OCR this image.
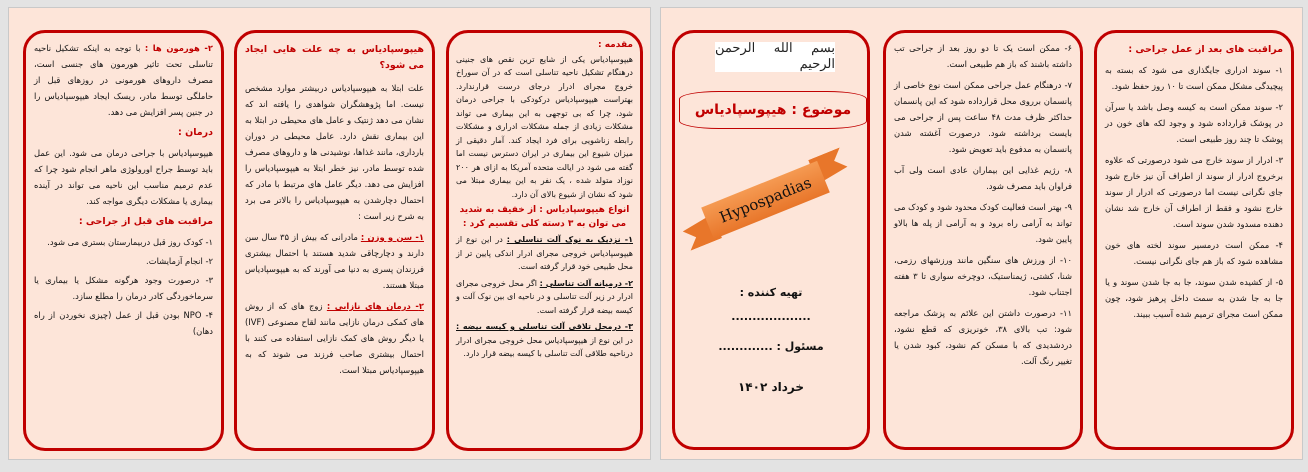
۲- هورمون ها : با توجه به اینکه تشکیل ناحیه تناسلی تحت تاثیر هورمون های جنسی است، مصرف داروهای هورمونی در روزهای قبل از حاملگی توسط مادر، ریسک ایجاد هیپوسپادیاس را در جنین پسر افزایش می دهد.

درمان :

هیپوسپادیاس با جراحی درمان می شود. این عمل باید توسط جراح اورولوژی ماهر انجام شود چرا که عدم ترمیم مناسب این ناحیه می تواند در آینده بیماری یا مشکلات دیگری مواجه کند.

مراقبت های قبل از جراحی :

۱- کودک روز قبل دربیمارستان بستری می شود.

۲- انجام آزمایشات.

۳- درصورت وجود هرگونه مشکل یا بیماری یا سرماخوردگی کادر درمان را مطلع سازد.

۴- NPO بودن قبل از عمل (چیزی نخوردن از راه دهان)

هیپوسپادیاس به چه علت هایی ایجاد می شود؟

علت ابتلا به هیپوسپادیاس دربیشتر موارد مشخص نیست. اما پژوهشگران شواهدی را یافته اند که نشان می دهد ژنتیک و عامل های محیطی در ابتلا به این بیماری نقش دارد. عامل محیطی در دوران بارداری، مانند غذاها، نوشیدنی ها و داروهای مصرف شده توسط مادر، نیز خطر ابتلا به هیپوسپادیاس را افزایش می دهد. دیگر عامل های مرتبط با مادر که احتمال دچارشدن به هیپوسپادیاس را بالاتر می برد به شرح زیر است :

۱- سن و وزن : مادرانی که بیش از ۳۵ سال سن دارند و دچارچاقی شدید هستند با احتمال بیشتری فرزندان پسری به دنیا می آورند که به هیپوسپادیاس مبتلا هستند.

۲- درمان های نازایی : زوج های که از روش های کمکی درمان نازایی مانند لقاح مصنوعی (IVF) یا دیگر روش های کمک نازایی استفاده می کنند با احتمال بیشتری صاحب فرزند می شوند که به هیپوسپادیاس مبتلا است.

مقدمه :

هیپوسپادیاس یکی از شایع ترین نقص های جنینی درهنگام تشکیل ناحیه تناسلی است که در آن سوراخ خروج مجرای ادرار درجای درست قرارندارد. بهتراست هیپوسپادیاس درکودکی با جراحی درمان شود، چرا که بی توجهی به این بیماری می تواند مشکلات زیادی از جمله مشکلات ادراری و مشکلات رابطه زناشویی برای فرد ایجاد کند. آمار دقیقی از میزان شیوع این بیماری در ایران دسترس نیست اما گفته می شود در ایالت متحده آمریکا به ازای هر ۲۰۰ نوزاد متولد شده ، یک نفر به این بیماری مبتلا می شود که نشان از شیوع بالای آن دارد.

انواع هیپوسپادیاس : از خفیف به شدید می توان به ۳ دسته کلی تقسیم کرد :

۱- نزدیک به نوک آلت تناسلی : در این نوع از هیپوسپادیاس خروجی مجرای ادرار اندکی پایین تر از محل طبیعی خود قرار گرفته است.

۲- درمیانه آلت تناسلی : اگر محل خروجی مجرای ادرار در زیر آلت تناسلی و در ناحیه ای بین نوک آلت و کیسه بیضه قرار گرفته است.

۳- درمحل تلاقی آلت تناسلی و کیسه بیضه : در این نوع از هیپوسپادیاس محل خروجی مجرای ادرار درناحیه طلاقی آلت تناسلی با کیسه بیضه قرار دارد.

بسم الله الرحمن الرحیم
موضوع : هیپوسپادیاس
Hypospadias
تهیه کننده :
...................
مسئول : .............
خرداد ۱۴۰۲

۶- ممکن است یک تا دو روز بعد از جراحی تب داشته باشند که باز هم طبیعی است.

۷- درهنگام عمل جراحی ممکن است نوع خاصی از پانسمان برروی محل قرارداده شود که این پانسمان حداکثر ظرف مدت ۴۸ ساعت پس از جراحی می بایست برداشته شود. درصورت آغشته شدن پانسمان به مدفوع باید تعویض شود.

۸- رژیم غذایی این بیماران عادی است ولی آب فراوان باید مصرف شود.

۹- بهتر است فعالیت کودک محدود شود و کودک می تواند به آرامی راه برود و به آرامی از پله ها بالاو پایین شود.

۱۰- از ورزش های سنگین مانند ورزشهای رزمی، شنا، کشتی، ژیمناستیک، دوچرخه سواری تا ۳ هفته اجتناب شود.

۱۱- درصورت داشتن این علائم به پزشک مراجعه شود: تب بالای ۳۸، خونریزی که قطع نشود، دردشدیدی که با مسکن کم نشود، کبود شدن یا تغییر رنگ آلت.

مراقبت های بعد از عمل جراحی :

۱- سوند ادراری جایگذاری می شود که بسته به پیچیدگی مشکل ممکن است تا ۱۰ روز حفظ شود.

۲- سوند ممکن است به کیسه وصل باشد یا سرآن در پوشک قرارداده شود و وجود لکه های خون در پوشک تا چند روز طبیعی است.

۳- ادرار از سوند خارج می شود درصورتی که علاوه برخروج ادرار از سوند از اطراف آن نیز خارج شود جای نگرانی نیست اما درصورتی که ادرار از سوند خارج نشود و فقط از اطراف آن خارج شد نشان دهنده مسدود شدن سوند است.

۴- ممکن است درمسیر سوند لخته های خون مشاهده شود که باز هم جای نگرانی نیست.

۵- از کشیده شدن سوند، جا به جا شدن سوند و یا جا به جا شدن به سمت داخل پرهیز شود، چون ممکن است مجرای ترمیم شده آسیب ببیند.
